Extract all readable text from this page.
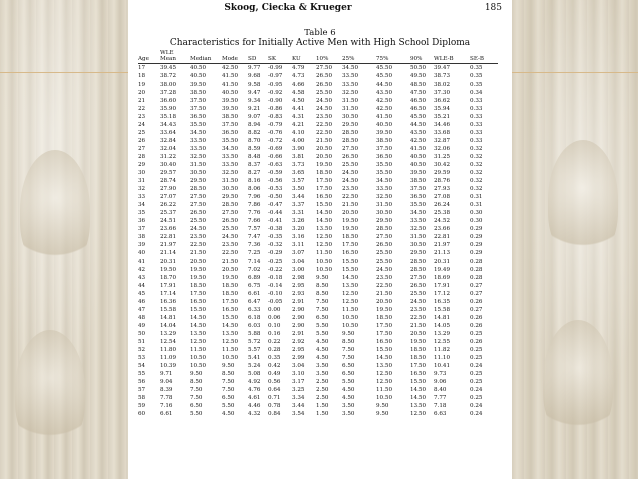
Skoog, Ciecka & Krueger	185
Table 6
Characteristics for Initially Active Men with High School Diploma
	WLE											
Age	Mean	Median	Mode	SD	SK	KU	10%	25%	75%	90%	WLE-B	SE-B
17	39.45	40.50	42.50	9.77	-0.99	4.79	27.50	34.50	45.50	50.50	39.47	0.35
18	38.72	40.50	41.50	9.68	-0.97	4.73	26.50	33.50	45.50	49.50	38.73	0.35
19	38.00	39.50	41.50	9.58	-0.95	4.66	26.50	33.50	44.50	48.50	38.02	0.35
20	37.28	38.50	40.50	9.47	-0.92	4.58	25.50	32.50	43.50	47.50	37.30	0.34
21	36.60	37.50	39.50	9.34	-0.90	4.50	24.50	31.50	42.50	46.50	36.62	0.33
22	35.90	37.50	39.50	9.21	-0.86	4.41	24.50	31.50	42.50	46.50	35.94	0.33
23	35.18	36.50	38.50	9.07	-0.83	4.31	23.50	30.50	41.50	45.50	35.21	0.33
24	34.43	35.50	37.50	8.94	-0.79	4.21	22.50	29.50	40.50	44.50	34.46	0.33
25	33.64	34.50	36.50	8.82	-0.76	4.10	22.50	28.50	39.50	43.50	33.68	0.33
26	32.84	33.50	35.50	8.70	-0.72	4.00	21.50	28.50	38.50	42.50	32.87	0.33
27	32.04	33.50	34.50	8.59	-0.69	3.90	20.50	27.50	37.50	41.50	32.06	0.32
28	31.22	32.50	33.50	8.48	-0.66	3.81	20.50	26.50	36.50	40.50	31.25	0.32
29	30.40	31.50	33.50	8.37	-0.63	3.73	19.50	25.50	35.50	40.50	30.42	0.32
30	29.57	30.50	32.50	8.27	-0.59	3.65	18.50	24.50	35.50	39.50	29.59	0.32
31	28.74	29.50	31.50	8.16	-0.56	3.57	17.50	24.50	34.50	38.50	28.76	0.32
32	27.90	28.50	30.50	8.06	-0.53	3.50	17.50	23.50	33.50	37.50	27.93	0.32
33	27.07	27.50	29.50	7.96	-0.50	3.44	16.50	22.50	32.50	36.50	27.08	0.31
34	26.22	27.50	28.50	7.86	-0.47	3.37	15.50	21.50	31.50	35.50	26.24	0.31
35	25.37	26.50	27.50	7.76	-0.44	3.31	14.50	20.50	30.50	34.50	25.38	0.30
36	24.51	25.50	26.50	7.66	-0.41	3.26	14.50	19.50	29.50	33.50	24.52	0.30
37	23.66	24.50	25.50	7.57	-0.38	3.20	13.50	19.50	28.50	32.50	23.66	0.29
38	22.81	23.50	24.50	7.47	-0.35	3.16	12.50	18.50	27.50	31.50	22.81	0.29
39	21.97	22.50	23.50	7.36	-0.32	3.11	12.50	17.50	26.50	30.50	21.97	0.29
40	21.14	21.50	22.50	7.25	-0.29	3.07	11.50	16.50	25.50	29.50	21.13	0.29
41	20.31	20.50	21.50	7.14	-0.25	3.04	10.50	15.50	25.50	28.50	20.31	0.28
42	19.50	19.50	20.50	7.02	-0.22	3.00	10.50	15.50	24.50	28.50	19.49	0.28
43	18.70	19.50	19.50	6.89	-0.18	2.98	9.50	14.50	23.50	27.50	18.69	0.28
44	17.91	18.50	18.50	6.75	-0.14	2.95	8.50	13.50	22.50	26.50	17.91	0.27
45	17.14	17.50	18.50	6.61	-0.10	2.93	8.50	12.50	21.50	25.50	17.12	0.27
46	16.36	16.50	17.50	6.47	-0.05	2.91	7.50	12.50	20.50	24.50	16.35	0.26
47	15.58	15.50	16.50	6.33	0.00	2.90	7.50	11.50	19.50	23.50	15.58	0.27
48	14.81	14.50	15.50	6.18	0.06	2.90	6.50	10.50	18.50	22.50	14.81	0.26
49	14.04	14.50	14.50	6.03	0.10	2.90	5.50	10.50	17.50	21.50	14.05	0.26
50	13.29	13.50	13.50	5.88	0.16	2.91	5.50	9.50	17.50	20.50	13.29	0.25
51	12.54	12.50	12.50	5.72	0.22	2.92	4.50	8.50	16.50	19.50	12.55	0.26
52	11.80	11.50	11.50	5.57	0.28	2.95	4.50	7.50	15.50	18.50	11.82	0.25
53	11.09	10.50	10.50	5.41	0.35	2.99	4.50	7.50	14.50	18.50	11.10	0.25
54	10.39	10.50	9.50	5.24	0.42	3.04	3.50	6.50	13.50	17.50	10.41	0.24
55	9.71	9.50	8.50	5.08	0.49	3.10	3.50	6.50	12.50	16.50	9.73	0.25
56	9.04	8.50	7.50	4.92	0.56	3.17	2.50	5.50	12.50	15.50	9.06	0.25
57	8.39	7.50	7.50	4.76	0.64	3.25	2.50	4.50	11.50	14.50	8.40	0.24
58	7.78	7.50	6.50	4.61	0.71	3.34	2.50	4.50	10.50	14.50	7.77	0.25
59	7.16	6.50	5.50	4.46	0.78	3.44	1.50	3.50	9.50	13.50	7.18	0.24
60	6.61	5.50	4.50	4.32	0.84	3.54	1.50	3.50	9.50	12.50	6.63	0.24
